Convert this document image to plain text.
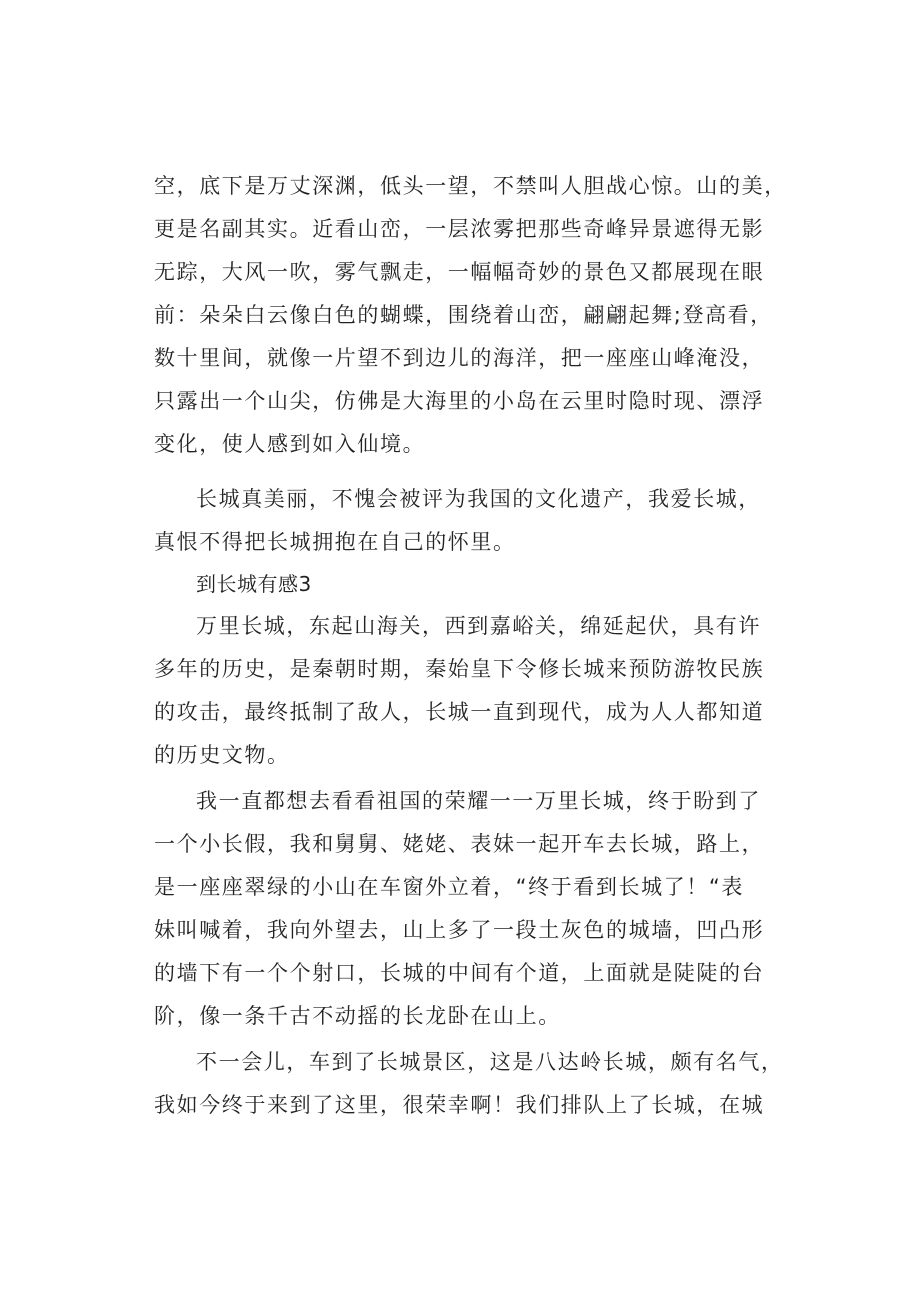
空，底下是万丈深渊，低头一望，不禁叫人胆战心惊。山的美，
更是名副其实。近看山峦，一层浓雾把那些奇峰异景遮得无影
无踪，大风一吹，雾气飘走，一幅幅奇妙的景色又都展现在眼
前：朵朵白云像白色的蝴蝶，围绕着山峦，翩翩起舞;登高看，
数十里间，就像一片望不到边儿的海洋，把一座座山峰淹没，
只露出一个山尖，仿佛是大海里的小岛在云里时隐时现、漂浮
变化，使人感到如入仙境。
长城真美丽，不愧会被评为我国的文化遗产，我爱长城，
真恨不得把长城拥抱在自己的怀里。
到长城有感3
万里长城，东起山海关，西到嘉峪关，绵延起伏，具有许
多年的历史，是秦朝时期，秦始皇下令修长城来预防游牧民族
的攻击，最终抵制了敌人，长城一直到现代，成为人人都知道
的历史文物。
我一直都想去看看祖国的荣耀一一万里长城，终于盼到了
一个小长假，我和舅舅、姥姥、表妹一起开车去长城，路上，
是一座座翠绿的小山在车窗外立着，“终于看到长城了！“表
妹叫喊着，我向外望去，山上多了一段土灰色的城墙，凹凸形
的墙下有一个个射口，长城的中间有个道，上面就是陡陡的台
阶，像一条千古不动摇的长龙卧在山上。
不一会儿，车到了长城景区，这是八达岭长城，颇有名气，
我如今终于来到了这里，很荣幸啊！我们排队上了长城，在城
